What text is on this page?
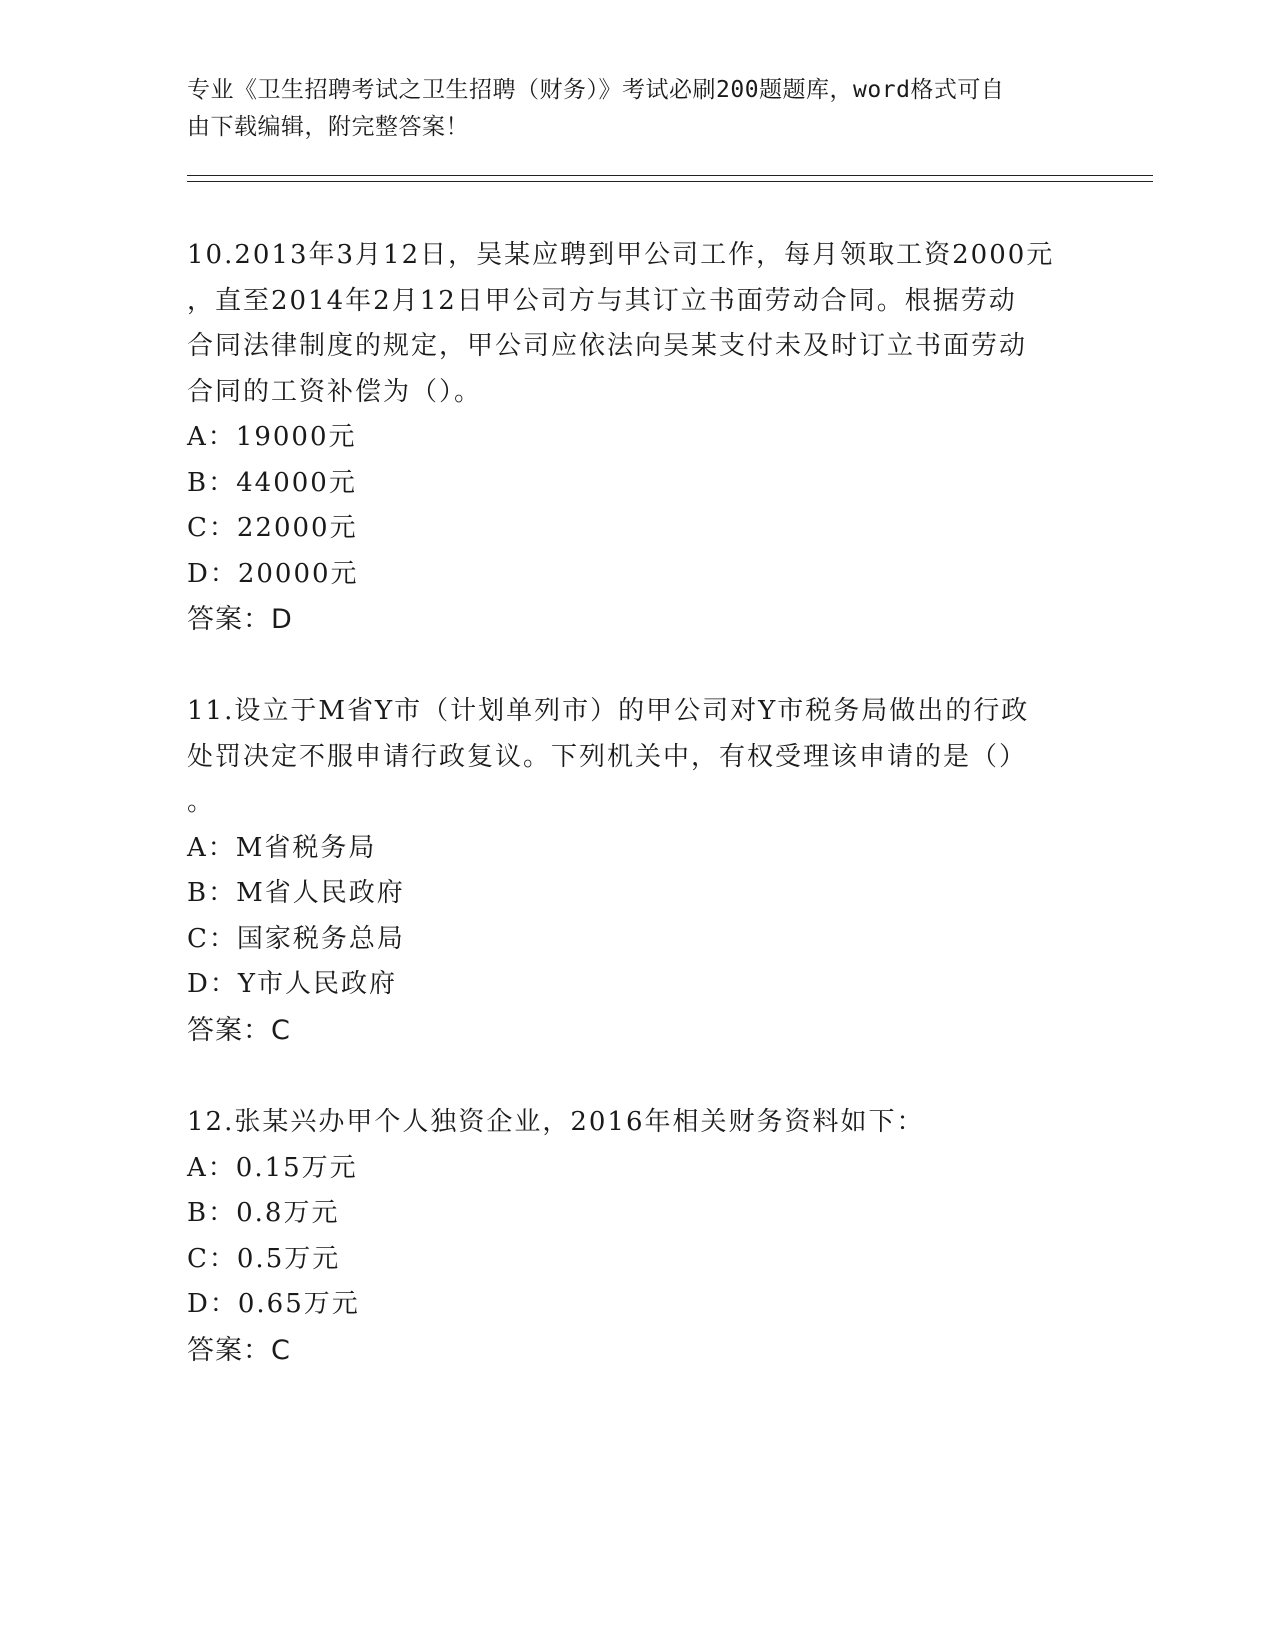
专业《卫生招聘考试之卫生招聘（财务）》考试必刷200题题库，word格式可自
由下载编辑，附完整答案！
10.2013年3月12日，吴某应聘到甲公司工作，每月领取工资2000元
，直至2014年2月12日甲公司方与其订立书面劳动合同。根据劳动
合同法律制度的规定，甲公司应依法向吴某支付未及时订立书面劳动
合同的工资补偿为（）。
A：19000元
B：44000元
C：22000元
D：20000元
答案：D
11.设立于M省Y市（计划单列市）的甲公司对Y市税务局做出的行政
处罚决定不服申请行政复议。下列机关中，有权受理该申请的是（）
。
A：M省税务局
B：M省人民政府
C：国家税务总局
D：Y市人民政府
答案：C
12.张某兴办甲个人独资企业，2016年相关财务资料如下：
A：0.15万元
B：0.8万元
C：0.5万元
D：0.65万元
答案：C
